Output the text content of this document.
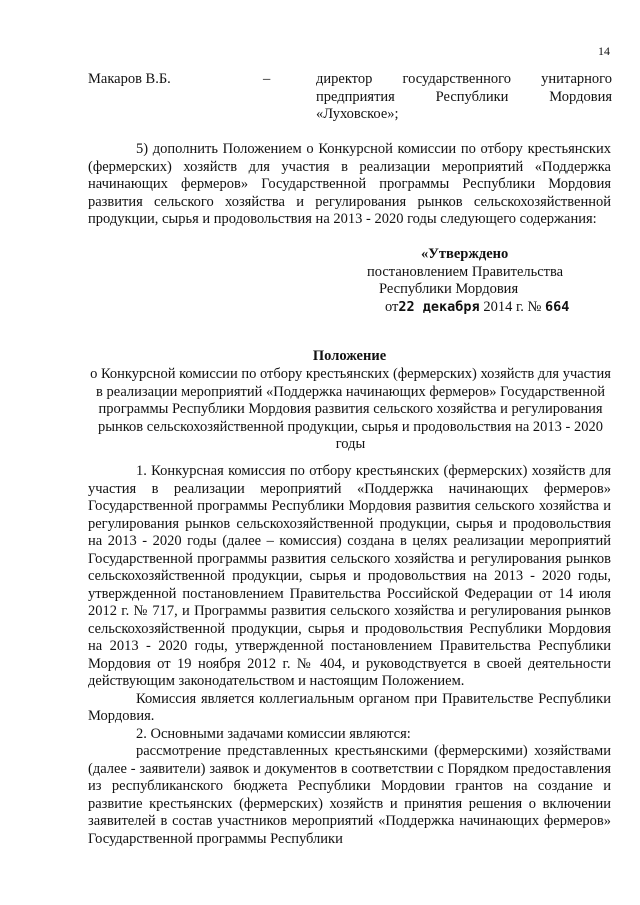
14
Макаров В.Б.	–	директор государственного унитарного предприятия Республики Мордовия «Луховское»;
5) дополнить Положением о Конкурсной комиссии по отбору крестьянских (фермерских) хозяйств для участия в реализации мероприятий «Поддержка начинающих фермеров» Государственной программы Республики Мордовия развития сельского хозяйства и регулирования рынков сельскохозяйственной продукции, сырья и продовольствия на 2013 - 2020 годы следующего содержания:
«Утверждено
постановлением Правительства
Республики Мордовия
от22 декабря 2014 г. № 664
Положение
о Конкурсной комиссии по отбору крестьянских (фермерских) хозяйств для участия в реализации мероприятий «Поддержка начинающих фермеров» Государственной программы Республики Мордовия развития сельского хозяйства и регулирования рынков сельскохозяйственной продукции, сырья и продовольствия на 2013 - 2020 годы

1. Конкурсная комиссия по отбору крестьянских (фермерских) хозяйств для участия в реализации мероприятий «Поддержка начинающих фермеров» Государственной программы Республики Мордовия развития сельского хозяйства и регулирования рынков сельскохозяйственной продукции, сырья и продовольствия на 2013 - 2020 годы (далее – комиссия) создана в целях реализации мероприятий Государственной программы развития сельского хозяйства и регулирования рынков сельскохозяйственной продукции, сырья и продовольствия на 2013 - 2020 годы, утвержденной постановлением Правительства Российской Федерации от 14 июля 2012 г. № 717, и Программы развития сельского хозяйства и регулирования рынков сельскохозяйственной продукции, сырья и продовольствия Республики Мордовия на 2013 - 2020 годы, утвержденной постановлением Правительства Республики Мордовия от 19 ноября 2012 г. № 404, и руководствуется в своей деятельности действующим законодательством и настоящим Положением.

Комиссия является коллегиальным органом при Правительстве Республики Мордовия.

2. Основными задачами комиссии являются:

рассмотрение представленных крестьянскими (фермерскими) хозяйствами (далее - заявители) заявок и документов в соответствии с Порядком предоставления из республиканского бюджета Республики Мордовии грантов на создание и развитие крестьянских (фермерских) хозяйств и принятия решения о включении заявителей в состав участников мероприятий «Поддержка начинающих фермеров» Государственной программы Республики
